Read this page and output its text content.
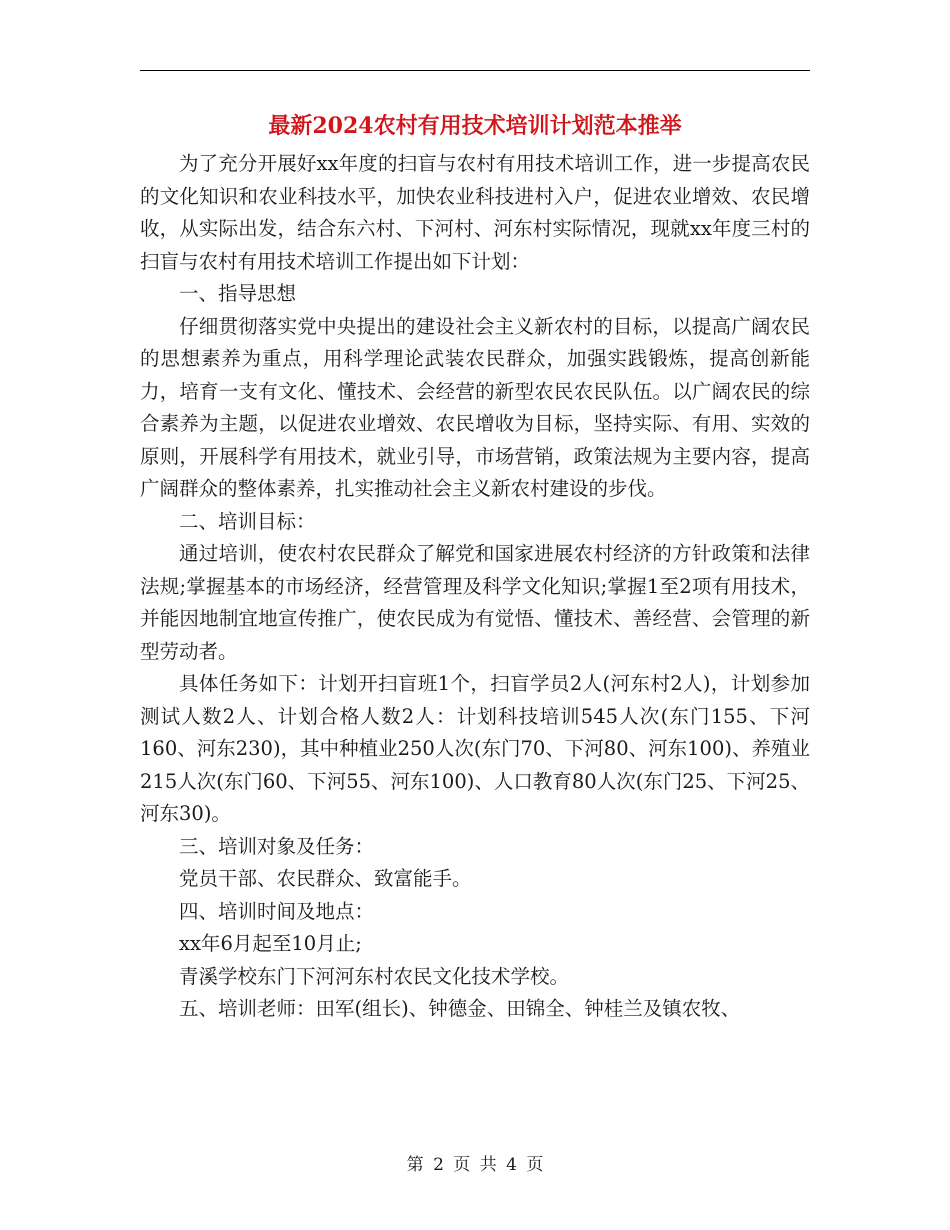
最新2024农村有用技术培训计划范本推举

为了充分开展好xx年度的扫盲与农村有用技术培训工作，进一步提高农民的文化知识和农业科技水平，加快农业科技进村入户，促进农业增效、农民增收，从实际出发，结合东六村、下河村、河东村实际情况，现就xx年度三村的扫盲与农村有用技术培训工作提出如下计划：

一、指导思想

仔细贯彻落实党中央提出的建设社会主义新农村的目标，以提高广阔农民的思想素养为重点，用科学理论武装农民群众，加强实践锻炼，提高创新能力，培育一支有文化、懂技术、会经营的新型农民农民队伍。以广阔农民的综合素养为主题，以促进农业增效、农民增收为目标，坚持实际、有用、实效的原则，开展科学有用技术，就业引导，市场营销，政策法规为主要内容，提高广阔群众的整体素养，扎实推动社会主义新农村建设的步伐。

二、培训目标：

通过培训，使农村农民群众了解党和国家进展农村经济的方针政策和法律法规;掌握基本的市场经济，经营管理及科学文化知识;掌握1至2项有用技术，并能因地制宜地宣传推广，使农民成为有觉悟、懂技术、善经营、会管理的新型劳动者。

具体任务如下：计划开扫盲班1个，扫盲学员2人(河东村2人)，计划参加测试人数2人、计划合格人数2人：计划科技培训545人次(东门155、下河160、河东230)，其中种植业250人次(东门70、下河80、河东100)、养殖业215人次(东门60、下河55、河东100)、人口教育80人次(东门25、下河25、河东30)。

三、培训对象及任务：

党员干部、农民群众、致富能手。

四、培训时间及地点：

xx年6月起至10月止;

青溪学校东门下河河东村农民文化技术学校。

五、培训老师：田军(组长)、钟德金、田锦全、钟桂兰及镇农牧、

第 2 页 共 4 页
